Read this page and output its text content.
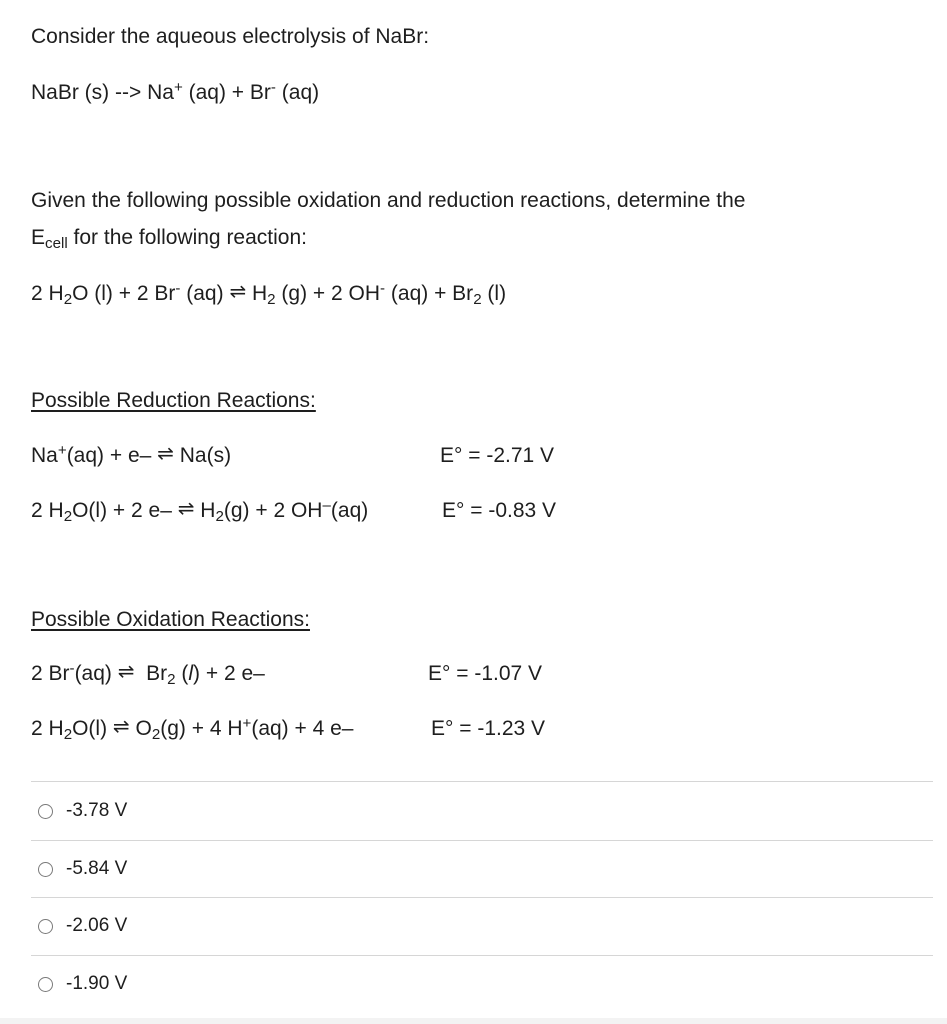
Consider the aqueous electrolysis of NaBr:
NaBr (s) --> Na+ (aq) + Br- (aq)
Given the following possible oxidation and reduction reactions, determine the
$E_{cell}$ for the following reaction:
2 $H_2O$ (l) + 2 Br- (aq) ⇌ $H_2$ (g) + 2 OH- $(aq) + Br_2$ (l)
Possible Reduction Reactions:
Na+(aq) + e– ⇌ Na(s)	E° = -2.71 V
2 $H_2O(l) + 2$ e– ⇌ $H_2(g) + 2$ OH–(aq)	E° = -0.83 V
Possible Oxidation Reactions:
2 Br-(aq) ⇌  $Br_2$ (l) + 2 e–	E° = -1.07 V
2 $H_2O(l)$ ⇌ $O_2(g) + 4$ H+(aq) + 4 e–	E° = -1.23 V
-3.78 V
-5.84 V
-2.06 V
-1.90 V
